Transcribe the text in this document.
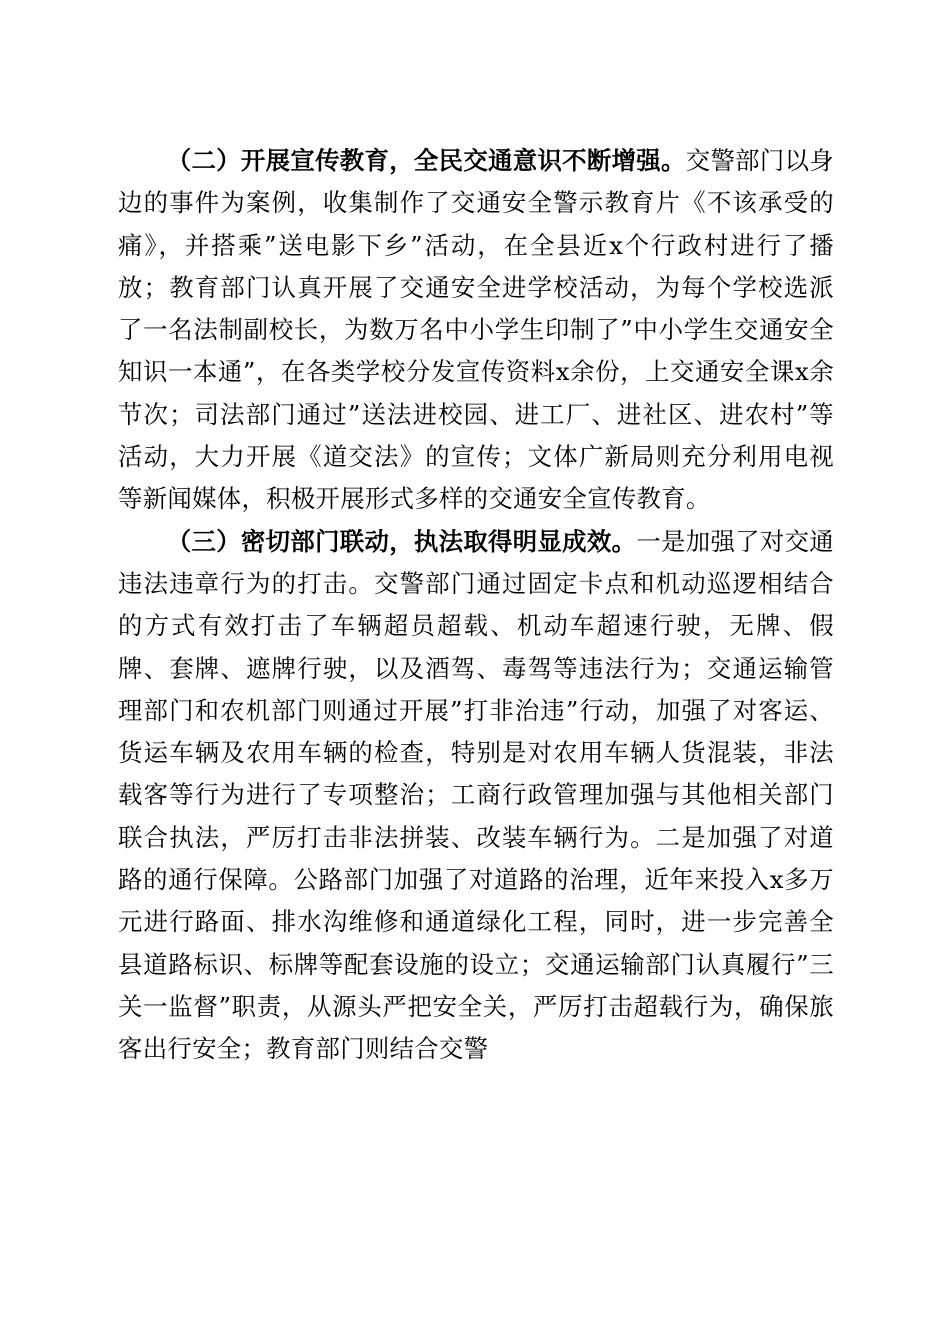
（二）开展宣传教育，全民交通意识不断增强。交警部门以身边的事件为案例，收集制作了交通安全警示教育片《不该承受的痛》，并搭乘”送电影下乡”活动，在全县近x个行政村进行了播放；教育部门认真开展了交通安全进学校活动，为每个学校选派了一名法制副校长，为数万名中小学生印制了”中小学生交通安全知识一本通”，在各类学校分发宣传资料x余份，上交通安全课x余节次；司法部门通过”送法进校园、进工厂、进社区、进农村”等活动，大力开展《道交法》的宣传；文体广新局则充分利用电视等新闻媒体，积极开展形式多样的交通安全宣传教育。

（三）密切部门联动，执法取得明显成效。一是加强了对交通违法违章行为的打击。交警部门通过固定卡点和机动巡逻相结合的方式有效打击了车辆超员超载、机动车超速行驶，无牌、假牌、套牌、遮牌行驶，以及酒驾、毒驾等违法行为；交通运输管理部门和农机部门则通过开展”打非治违”行动，加强了对客运、货运车辆及农用车辆的检查，特别是对农用车辆人货混装，非法载客等行为进行了专项整治；工商行政管理加强与其他相关部门联合执法，严厉打击非法拼装、改装车辆行为。二是加强了对道路的通行保障。公路部门加强了对道路的治理，近年来投入x多万元进行路面、排水沟维修和通道绿化工程，同时，进一步完善全县道路标识、标牌等配套设施的设立；交通运输部门认真履行”三关一监督”职责，从源头严把安全关，严厉打击超载行为，确保旅客出行安全；教育部门则结合交警
